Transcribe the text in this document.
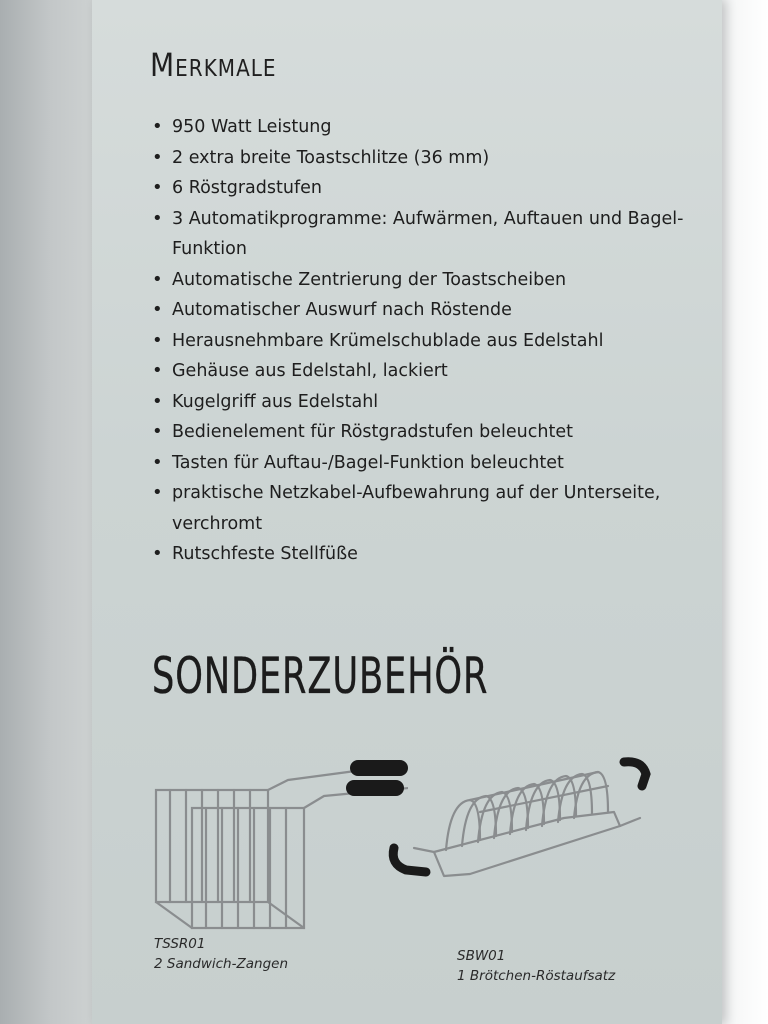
Merkmale
• 950 Watt Leistung
• 2 extra breite Toastschlitze (36 mm)
• 6 Röstgradstufen
• 3 Automatikprogramme: Aufwärmen, Auftauen und Bagel-Funktion
• Automatische Zentrierung der Toastscheiben
• Automatischer Auswurf nach Röstende
• Herausnehmbare Krümelschublade aus Edelstahl
• Gehäuse aus Edelstahl, lackiert
• Kugelgriff aus Edelstahl
• Bedienelement für Röstgradstufen beleuchtet
• Tasten für Auftau-/Bagel-Funktion beleuchtet
• praktische Netzkabel-Aufbewahrung auf der Unterseite, verchromt
• Rutschfeste Stellfüße
SONDERZUBEHÖR
TSSR01
2 Sandwich-Zangen	SBW01
1 Brötchen-Röstaufsatz
